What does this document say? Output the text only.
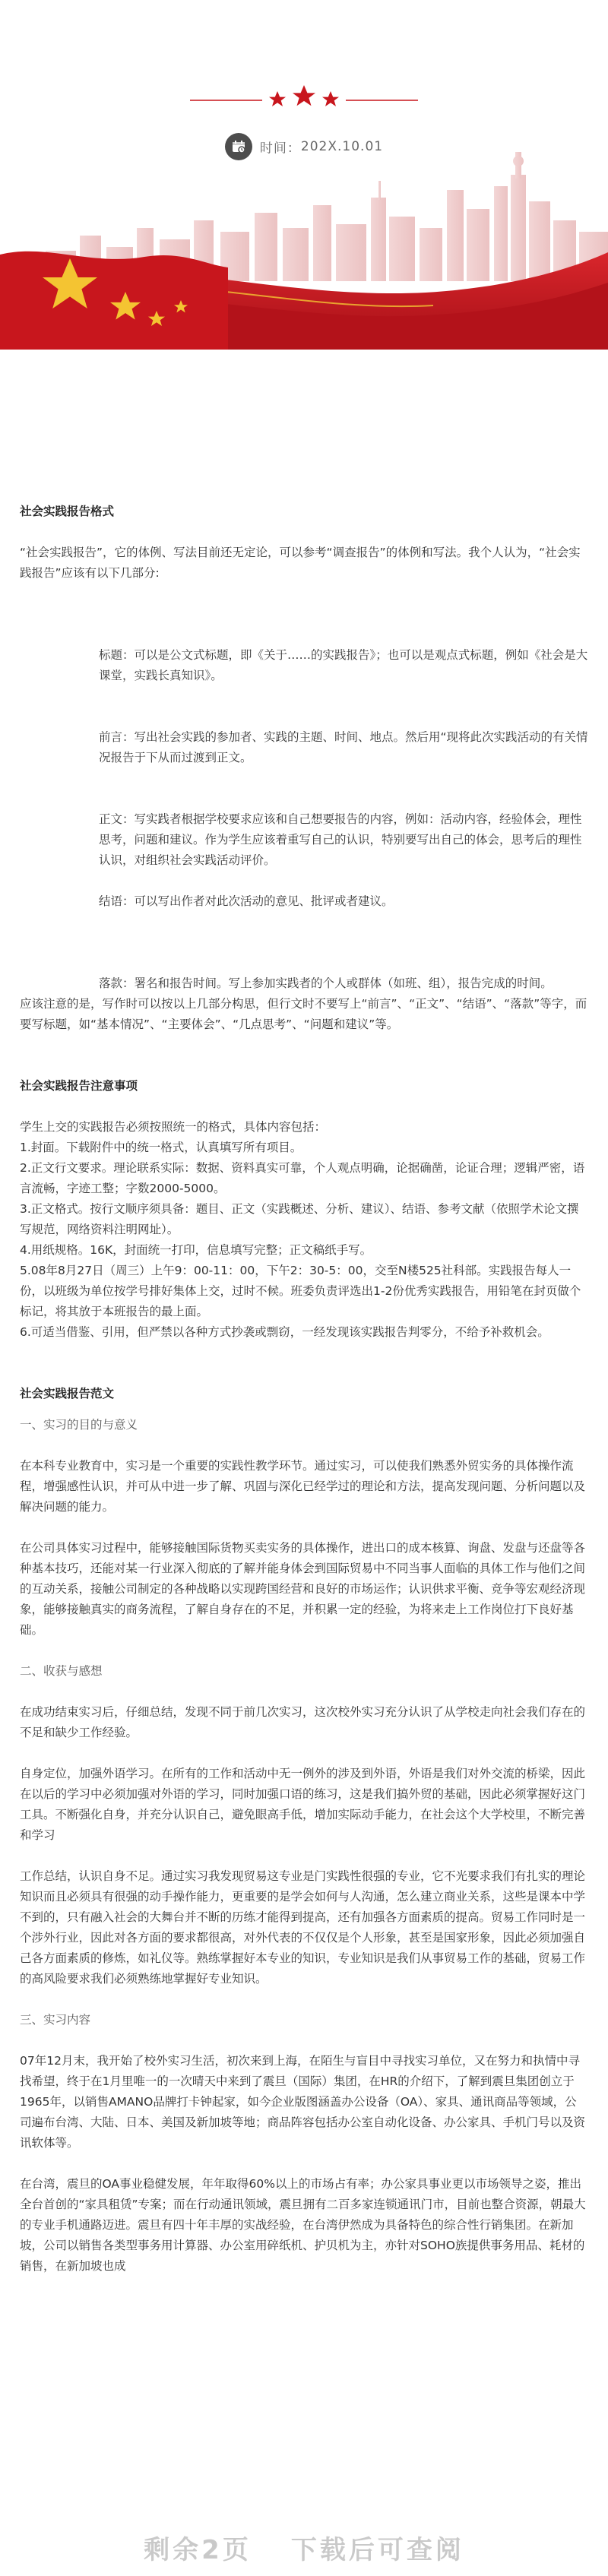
时间：202X.10.01

社会实践报告格式

“社会实践报告”，它的体例、写法目前还无定论，可以参考“调查报告”的体例和写法。我个人认为，“社会实践报告”应该有以下几部分:

标题：可以是公文式标题，即《关于……的实践报告》；也可以是观点式标题，例如《社会是大课堂，实践长真知识》。

前言：写出社会实践的参加者、实践的主题、时间、地点。然后用“现将此次实践活动的有关情况报告于下从而过渡到正文。

正文：写实践者根据学校要求应该和自己想要报告的内容，例如：活动内容，经验体会，理性思考，问题和建议。作为学生应该着重写自己的认识，特别要写出自己的体会，思考后的理性认识，对组织社会实践活动评价。

结语：可以写出作者对此次活动的意见、批评或者建议。

落款：署名和报告时间。写上参加实践者的个人或群体（如班、组），报告完成的时间。

应该注意的是，写作时可以按以上几部分构思，但行文时不要写上“前言”、“正文”、“结语”、“落款”等字，而要写标题，如“基本情况”、“主要体会”、“几点思考”、“问题和建议”等。

社会实践报告注意事项

学生上交的实践报告必须按照统一的格式，具体内容包括：

1.封面。下载附件中的统一格式，认真填写所有项目。

2.正文行文要求。理论联系实际：数据、资料真实可靠，个人观点明确，论据确凿，论证合理；逻辑严密，语言流畅，字迹工整；字数2000-5000。

3.正文格式。按行文顺序须具备：题目、正文（实践概述、分析、建议）、结语、参考文献（依照学术论文撰写规范，网络资料注明网址）。

4.用纸规格。16K，封面统一打印，信息填写完整；正文稿纸手写。

5.08年8月27日（周三）上午9：00-11：00，下午2：30-5：00，交至N楼525社科部。实践报告每人一份，以班级为单位按学号排好集体上交，过时不候。班委负责评选出1-2份优秀实践报告，用铅笔在封页做个标记，将其放于本班报告的最上面。

6.可适当借鉴、引用，但严禁以各种方式抄袭或剽窃，一经发现该实践报告判零分，不给予补救机会。

社会实践报告范文

一、实习的目的与意义

在本科专业教育中，实习是一个重要的实践性教学环节。通过实习，可以使我们熟悉外贸实务的具体操作流程，增强感性认识，并可从中进一步了解、巩固与深化已经学过的理论和方法，提高发现问题、分析问题以及解决问题的能力。

在公司具体实习过程中，能够接触国际货物买卖实务的具体操作，进出口的成本核算、询盘、发盘与还盘等各种基本技巧，还能对某一行业深入彻底的了解并能身体会到国际贸易中不同当事人面临的具体工作与他们之间的互动关系，接触公司制定的各种战略以实现跨国经营和良好的市场运作；认识供求平衡、竞争等宏观经济现象，能够接触真实的商务流程，了解自身存在的不足，并积累一定的经验，为将来走上工作岗位打下良好基础。

二、收获与感想

在成功结束实习后，仔细总结，发现不同于前几次实习，这次校外实习充分认识了从学校走向社会我们存在的不足和缺少工作经验。

自身定位，加强外语学习。在所有的工作和活动中无一例外的涉及到外语，外语是我们对外交流的桥梁，因此在以后的学习中必须加强对外语的学习，同时加强口语的练习，这是我们搞外贸的基础，因此必须掌握好这门工具。不断强化自身，并充分认识自己，避免眼高手低，增加实际动手能力，在社会这个大学校里，不断完善和学习

工作总结，认识自身不足。通过实习我发现贸易这专业是门实践性很强的专业，它不光要求我们有扎实的理论知识而且必须具有很强的动手操作能力，更重要的是学会如何与人沟通，怎么建立商业关系，这些是课本中学不到的，只有融入社会的大舞台并不断的历练才能得到提高，还有加强各方面素质的提高。贸易工作同时是一个涉外行业，因此对各方面的要求都很高，对外代表的不仅仅是个人形象，甚至是国家形象，因此必须加强自己各方面素质的修炼，如礼仪等。熟练掌握好本专业的知识，专业知识是我们从事贸易工作的基础，贸易工作的高风险要求我们必须熟练地掌握好专业知识。

三、实习内容

07年12月末，我开始了校外实习生活，初次来到上海，在陌生与盲目中寻找实习单位，又在努力和执情中寻找希望，终于在1月里唯一的一次晴天中来到了震旦（国际）集团，在HR的介绍下，了解到震旦集团创立于1965年，以销售AMANO品牌打卡钟起家，如今企业版图涵盖办公设备（OA）、家具、通讯商品等领域，公司遍布台湾、大陆、日本、美国及新加坡等地；商品阵容包括办公室自动化设备、办公家具、手机门号以及资讯软体等。

在台湾，震旦的OA事业稳健发展，年年取得60%以上的市场占有率；办公家具事业更以市场领导之姿，推出全台首创的“家具租赁”专案；而在行动通讯领域，震旦拥有二百多家连锁通讯门市，目前也整合资源，朝最大的专业手机通路迈进。震旦有四十年丰厚的实战经验，在台湾伊然成为具备特色的综合性行销集团。在新加坡，公司以销售各类型事务用计算器、办公室用碎纸机、护贝机为主，亦针对SOHO族提供事务用品、耗材的销售，在新加坡也成

剩余2页 下载后可查阅
